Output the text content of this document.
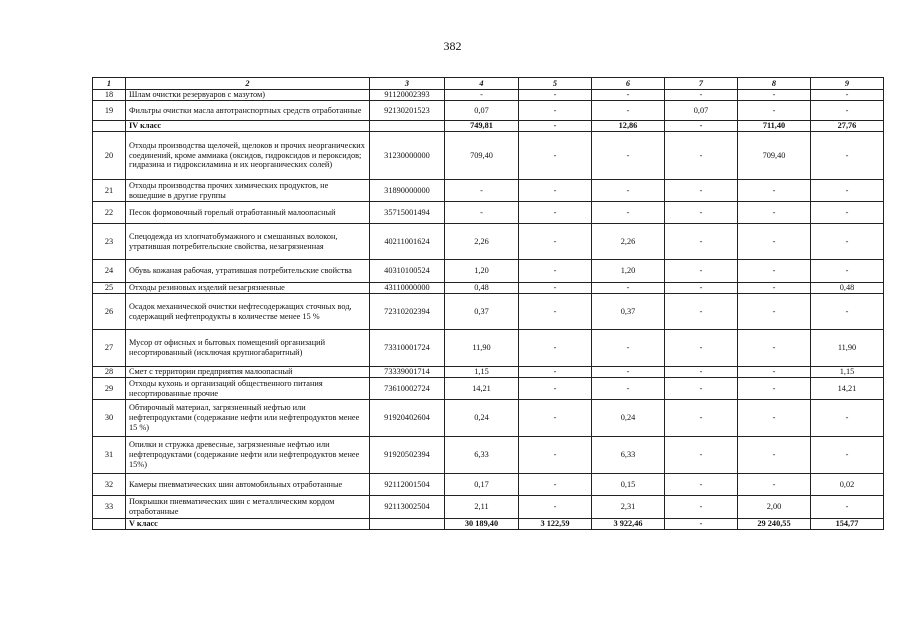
382
1	2	3	4	5	6	7	8	9
18	Шлам очистки резервуаров с мазутом)	91120002393	-	-	-	-	-	-
19	Фильтры очистки масла автотранспортных средств отработанные	92130201523	0,07	-	-	0,07	-	-
	IV класс		749,81	-	12,86	-	711,40	27,76
20	Отходы производства щелочей, щелоков и прочих неорганических соединений, кроме аммиака (оксидов, гидроксидов и пероксидов; гидразина и гидроксиламина и их неорганических солей)	31230000000	709,40	-	-	-	709,40	-
21	Отходы производства прочих химических продуктов, не вошедшие в другие группы	31890000000	-	-	-	-	-	-
22	Песок формовочный горелый отработанный малоопасный	35715001494	-	-	-	-	-	-
23	Спецодежда из хлопчатобумажного и смешанных волокон, утратившая потребительские свойства, незагрязненная	40211001624	2,26	-	2,26	-	-	-
24	Обувь кожаная рабочая, утратившая потребительские свойства	40310100524	1,20	-	1,20	-	-	-
25	Отходы резиновых изделий незагрязненные	43110000000	0,48	-	-	-	-	0,48
26	Осадок механической очистки нефтесодержащих сточных вод, содержащий нефтепродукты в количестве менее 15 %	72310202394	0,37	-	0,37	-	-	-
27	Мусор от офисных и бытовых помещений организаций несортированный (исключая крупногабаритный)	73310001724	11,90	-	-	-	-	11,90
28	Смет с территории предприятия малоопасный	73339001714	1,15	-	-	-	-	1,15
29	Отходы кухонь и организаций общественного питания несортированные прочие	73610002724	14,21	-	-	-	-	14,21
30	Обтирочный материал, загрязненный нефтью или нефтепродуктами (содержание нефти или нефтепродуктов менее 15 %)	91920402604	0,24	-	0,24	-	-	-
31	Опилки и стружка древесные, загрязненные нефтью или нефтепродуктами (содержание нефти или нефтепродуктов менее 15%)	91920502394	6,33	-	6,33	-	-	-
32	Камеры пневматических шин автомобильных отработанные	92112001504	0,17	-	0,15	-	-	0,02
33	Покрышки пневматических шин с металлическим кордом отработанные	92113002504	2,11	-	2,31	-	2,00	-
	V класс		30 189,40	3 122,59	3 922,46	-	29 240,55	154,77
